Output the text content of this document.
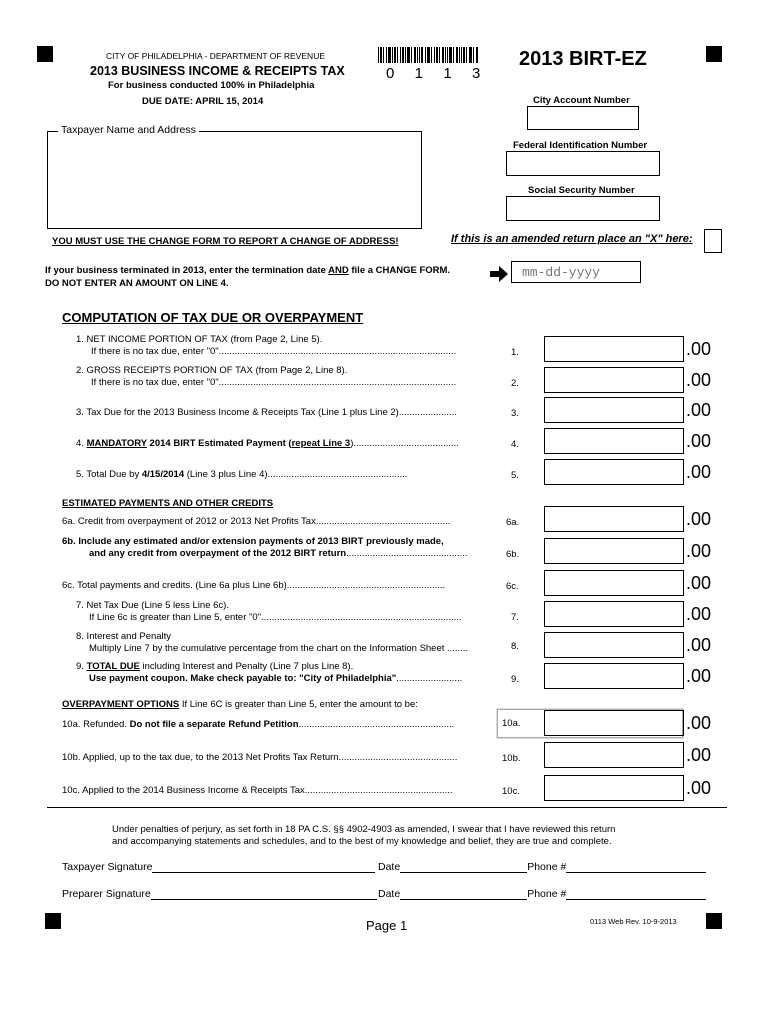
CITY OF PHILADELPHIA - DEPARTMENT OF REVENUE
2013 BUSINESS INCOME & RECEIPTS TAX
For business conducted 100% in Philadelphia
DUE DATE: APRIL 15, 2014
0  1  1  3
2013 BIRT-EZ
City Account Number
Federal Identification Number
Social Security Number
Taxpayer Name and Address
YOU MUST USE THE CHANGE FORM TO REPORT A CHANGE OF ADDRESS!	If this is an amended return place an "X" here:
If your business terminated in 2013, enter the termination date AND file a CHANGE FORM.
DO NOT ENTER AN AMOUNT ON LINE 4.
mm-dd-yyyy
COMPUTATION OF TAX DUE OR OVERPAYMENT
1. NET INCOME PORTION OF TAX (from Page 2, Line 5).
If there is no tax due, enter "0"..........................................................................................	1.	.00
2. GROSS RECEIPTS PORTION OF TAX (from Page 2, Line 8).
If there is no tax due, enter "0"..........................................................................................	2.	.00
3. Tax Due for the 2013 Business Income & Receipts Tax (Line 1 plus Line 2)......................	3.	.00
4. MANDATORY 2014 BIRT Estimated Payment (repeat Line 3)........................................	4.	.00
5. Total Due by 4/15/2014 (Line 3 plus Line 4).....................................................	5.	.00
ESTIMATED PAYMENTS AND OTHER CREDITS
6a. Credit from overpayment of 2012 or 2013 Net Profits Tax...................................................	6a.	.00
6b. Include any estimated and/or extension payments of 2013 BIRT previously made,
and any credit from overpayment of the 2012 BIRT return..............................................	6b.	.00
6c. Total payments and credits. (Line 6a plus Line 6b)............................................................	6c.	.00
7. Net Tax Due (Line 5 less Line 6c).
If Line 6c is greater than Line 5, enter "0"............................................................................	7.	.00
8. Interest and Penalty
Multiply Line 7 by the cumulative percentage from the chart on the Information Sheet ........	8.	.00
9. TOTAL DUE including Interest and Penalty (Line 7 plus Line 8).
Use payment coupon. Make check payable to: "City of Philadelphia".........................	9.	.00
OVERPAYMENT OPTIONS If Line 6C is greater than Line 5, enter the amount to be:
10a. Refunded. Do not file a separate Refund Petition...........................................................	10a.	.00
10b. Applied, up to the tax due, to the 2013 Net Profits Tax Return.............................................	10b.	.00
10c. Applied to the 2014 Business Income & Receipts Tax........................................................	10c.	.00
Under penalties of perjury, as set forth in 18 PA C.S. §§ 4902-4903 as amended, I swear that I have reviewed this return
and accompanying statements and schedules, and to the best of my knowledge and belief, they are true and complete.
Taxpayer Signature	Date	Phone #
Preparer Signature	Date	Phone #
Page 1	0113 Web Rev. 10-9-2013
